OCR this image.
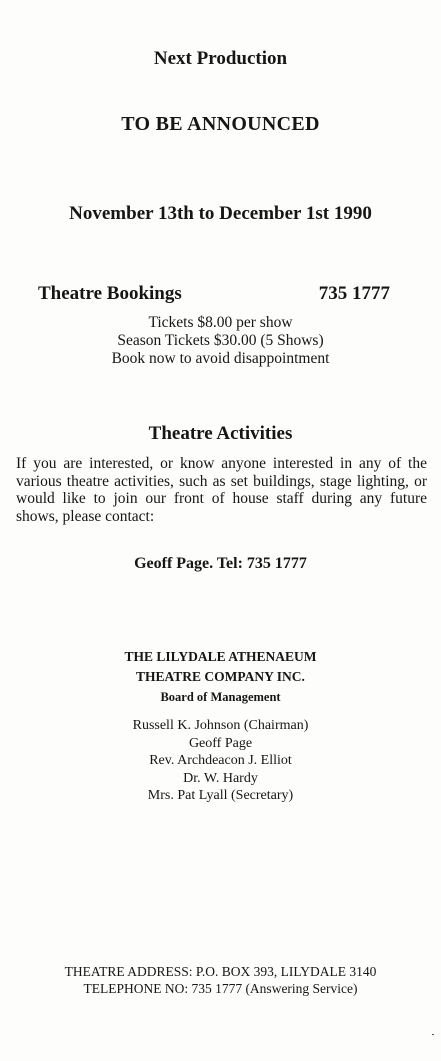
Next Production
TO BE ANNOUNCED
November 13th to December 1st 1990
Theatre Bookings	735 1777
Tickets $8.00 per show
Season Tickets $30.00 (5 Shows)
Book now to avoid disappointment
Theatre Activities
If you are interested, or know anyone interested in any of the various theatre activities, such as set buildings, stage lighting, or would like to join our front of house staff during any future shows, please contact:
Geoff Page. Tel: 735 1777
THE LILYDALE ATHENAEUM
THEATRE COMPANY INC.
Board of Management
Russell K. Johnson (Chairman)
Geoff Page
Rev. Archdeacon J. Elliot
Dr. W. Hardy
Mrs. Pat Lyall (Secretary)
THEATRE ADDRESS: P.O. BOX 393, LILYDALE 3140
TELEPHONE NO: 735 1777 (Answering Service)
